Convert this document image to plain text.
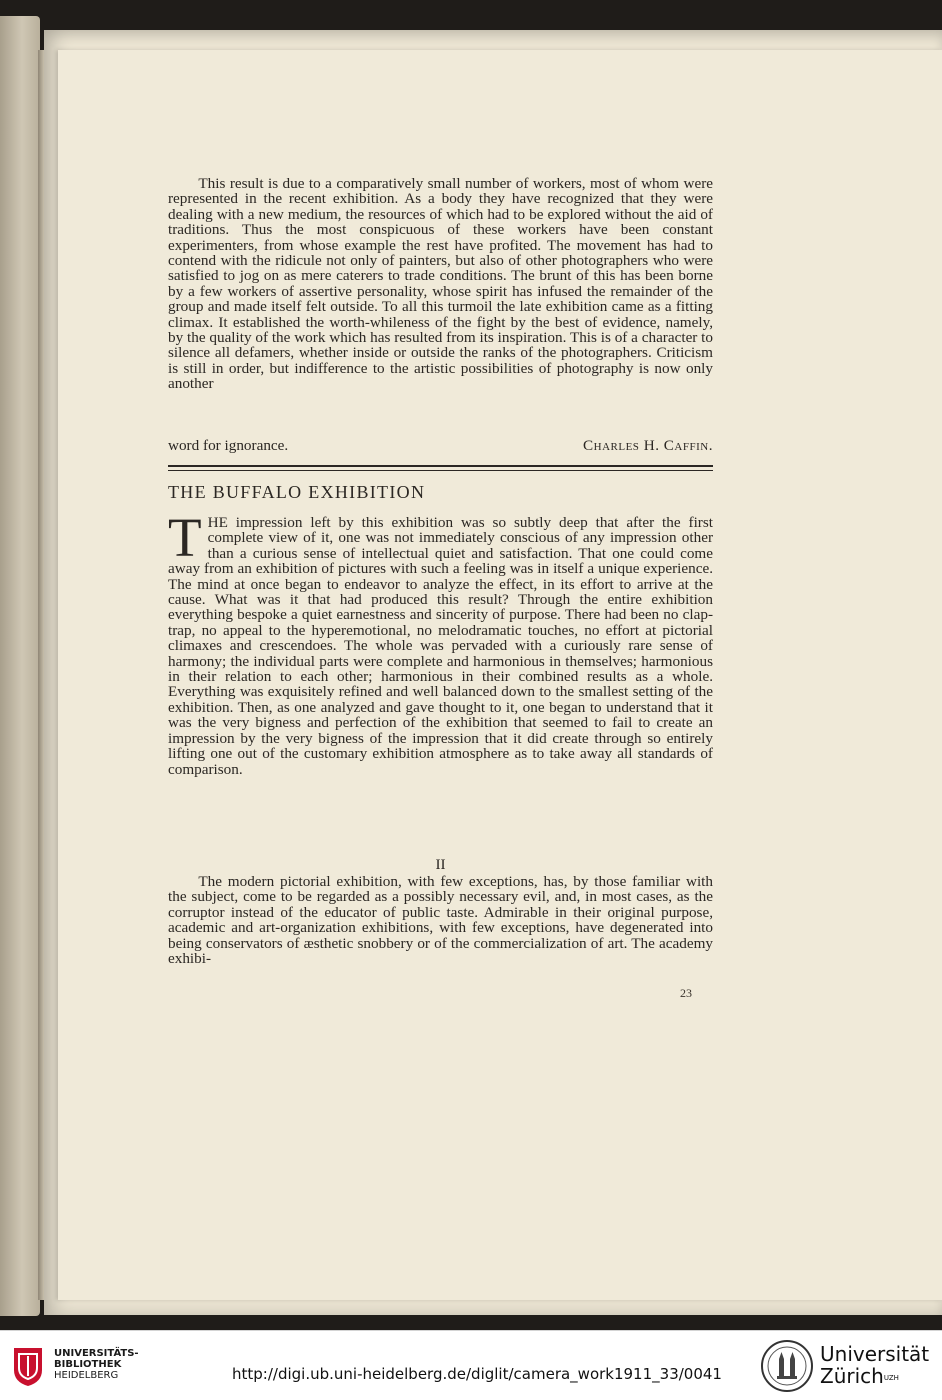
This result is due to a comparatively small number of workers, most of whom were represented in the recent exhibition. As a body they have recognized that they were dealing with a new medium, the resources of which had to be explored without the aid of traditions. Thus the most conspicuous of these workers have been constant experimenters, from whose example the rest have profited. The movement has had to contend with the ridicule not only of painters, but also of other photographers who were satisfied to jog on as mere caterers to trade conditions. The brunt of this has been borne by a few workers of assertive personality, whose spirit has infused the remainder of the group and made itself felt outside. To all this turmoil the late exhibition came as a fitting climax. It established the worth-whileness of the fight by the best of evidence, namely, by the quality of the work which has resulted from its inspiration. This is of a character to silence all defamers, whether inside or outside the ranks of the photographers. Criticism is still in order, but indifference to the artistic possibilities of photography is now only another

word for ignorance.	Charles H. Caffin.
THE BUFFALO EXHIBITION

THE impression left by this exhibition was so subtly deep that after the first complete view of it, one was not immediately conscious of any impression other than a curious sense of intellectual quiet and satisfaction. That one could come away from an exhibition of pictures with such a feeling was in itself a unique experience. The mind at once began to endeavor to analyze the effect, in its effort to arrive at the cause. What was it that had produced this result? Through the entire exhibition everything bespoke a quiet earnestness and sincerity of purpose. There had been no clap-trap, no appeal to the hyperemotional, no melodramatic touches, no effort at pictorial climaxes and crescendoes. The whole was pervaded with a curiously rare sense of harmony; the individual parts were complete and harmonious in themselves; harmonious in their relation to each other; harmonious in their combined results as a whole. Everything was exquisitely refined and well balanced down to the smallest setting of the exhibition. Then, as one analyzed and gave thought to it, one began to understand that it was the very bigness and perfection of the exhibition that seemed to fail to create an impression by the very bigness of the impression that it did create through so entirely lifting one out of the customary exhibition atmosphere as to take away all standards of comparison.

II

The modern pictorial exhibition, with few exceptions, has, by those familiar with the subject, come to be regarded as a possibly necessary evil, and, in most cases, as the corruptor instead of the educator of public taste. Admirable in their original purpose, academic and art-organization exhibitions, with few exceptions, have degenerated into being conservators of æsthetic snobbery or of the commercialization of art. The academy exhibi-

23
UNIVERSITÄTS-
BIBLIOTHEK
HEIDELBERG	http://digi.ub.uni-heidelberg.de/diglit/camera_work1911_33/0041
Universität
Zürich$^{UZH}$
